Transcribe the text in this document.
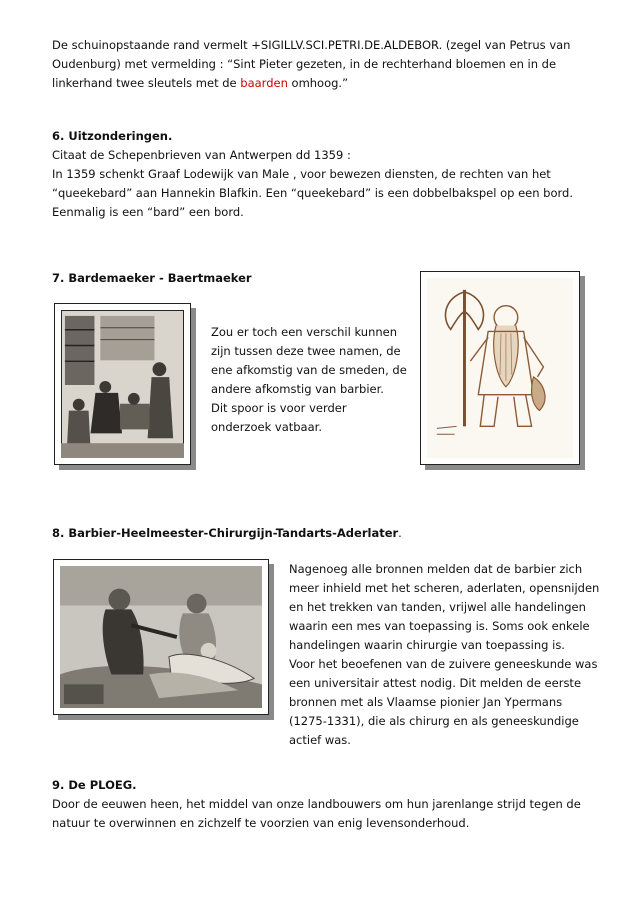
De schuinopstaande rand vermelt +SIGILLV.SCI.PETRI.DE.ALDEBOR. (zegel van Petrus van
Oudenburg) met vermelding : “Sint Pieter gezeten, in de rechterhand bloemen en in de
linkerhand twee sleutels met de baarden omhoog.”
6. Uitzonderingen.
Citaat de Schepenbrieven van Antwerpen dd 1359 :
In 1359 schenkt Graaf Lodewijk van Male , voor bewezen diensten, de rechten van het
“queekebard” aan Hannekin Blafkin. Een “queekebard” is een dobbelbakspel op een bord.
Eenmalig is een “bard” een bord.
7. Bardemaeker - Baertmaeker
Zou er toch een verschil kunnen
zijn tussen deze twee namen, de
ene afkomstig van de smeden, de
andere afkomstig van barbier.
Dit spoor is voor verder
onderzoek vatbaar.
8. Barbier-Heelmeester-Chirurgijn-Tandarts-Aderlater.
Nagenoeg alle bronnen melden dat de barbier zich
meer inhield met het scheren, aderlaten, opensnijden
en het trekken van tanden, vrijwel alle handelingen
waarin een mes van toepassing is. Soms ook enkele
handelingen waarin chirurgie van toepassing is.
Voor het beoefenen van de zuivere geneeskunde was
een universitair attest nodig. Dit melden de eerste
bronnen met als Vlaamse pionier Jan Ypermans
(1275-1331), die als chirurg en als geneeskundige
actief was.
9. De PLOEG.
Door de eeuwen heen, het middel van onze landbouwers om hun jarenlange strijd tegen de
natuur te overwinnen en zichzelf te voorzien van enig levensonderhoud.
